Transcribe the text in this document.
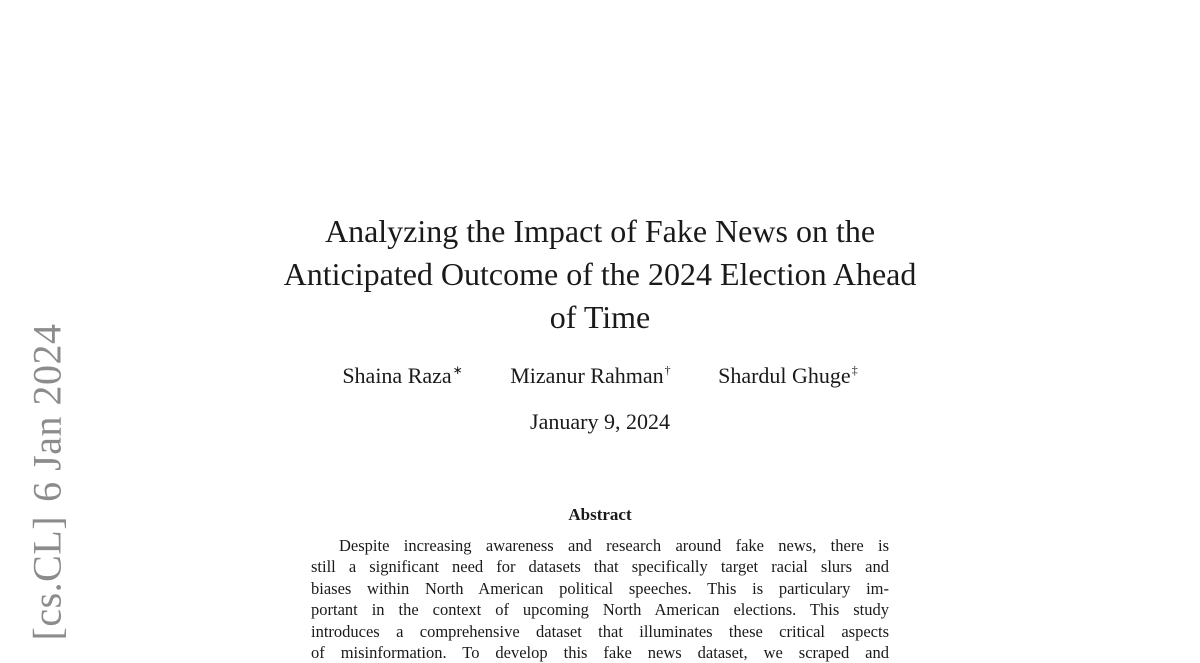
[cs.CL]6 Jan 2024
Analyzing the Impact of Fake News on the
Anticipated Outcome of the 2024 Election Ahead
of Time
Shaina Raza∗ Mizanur Rahman† Shardul Ghuge‡
January 9, 2024
Abstract
Despite increasing awareness and research around fake news, there is
still a significant need for datasets that specifically target racial slurs and
biases within North American political speeches. This is particulary im-
portant in the context of upcoming North American elections. This study
introduces a comprehensive dataset that illuminates these critical aspects
of misinformation. To develop this fake news dataset, we scraped and
